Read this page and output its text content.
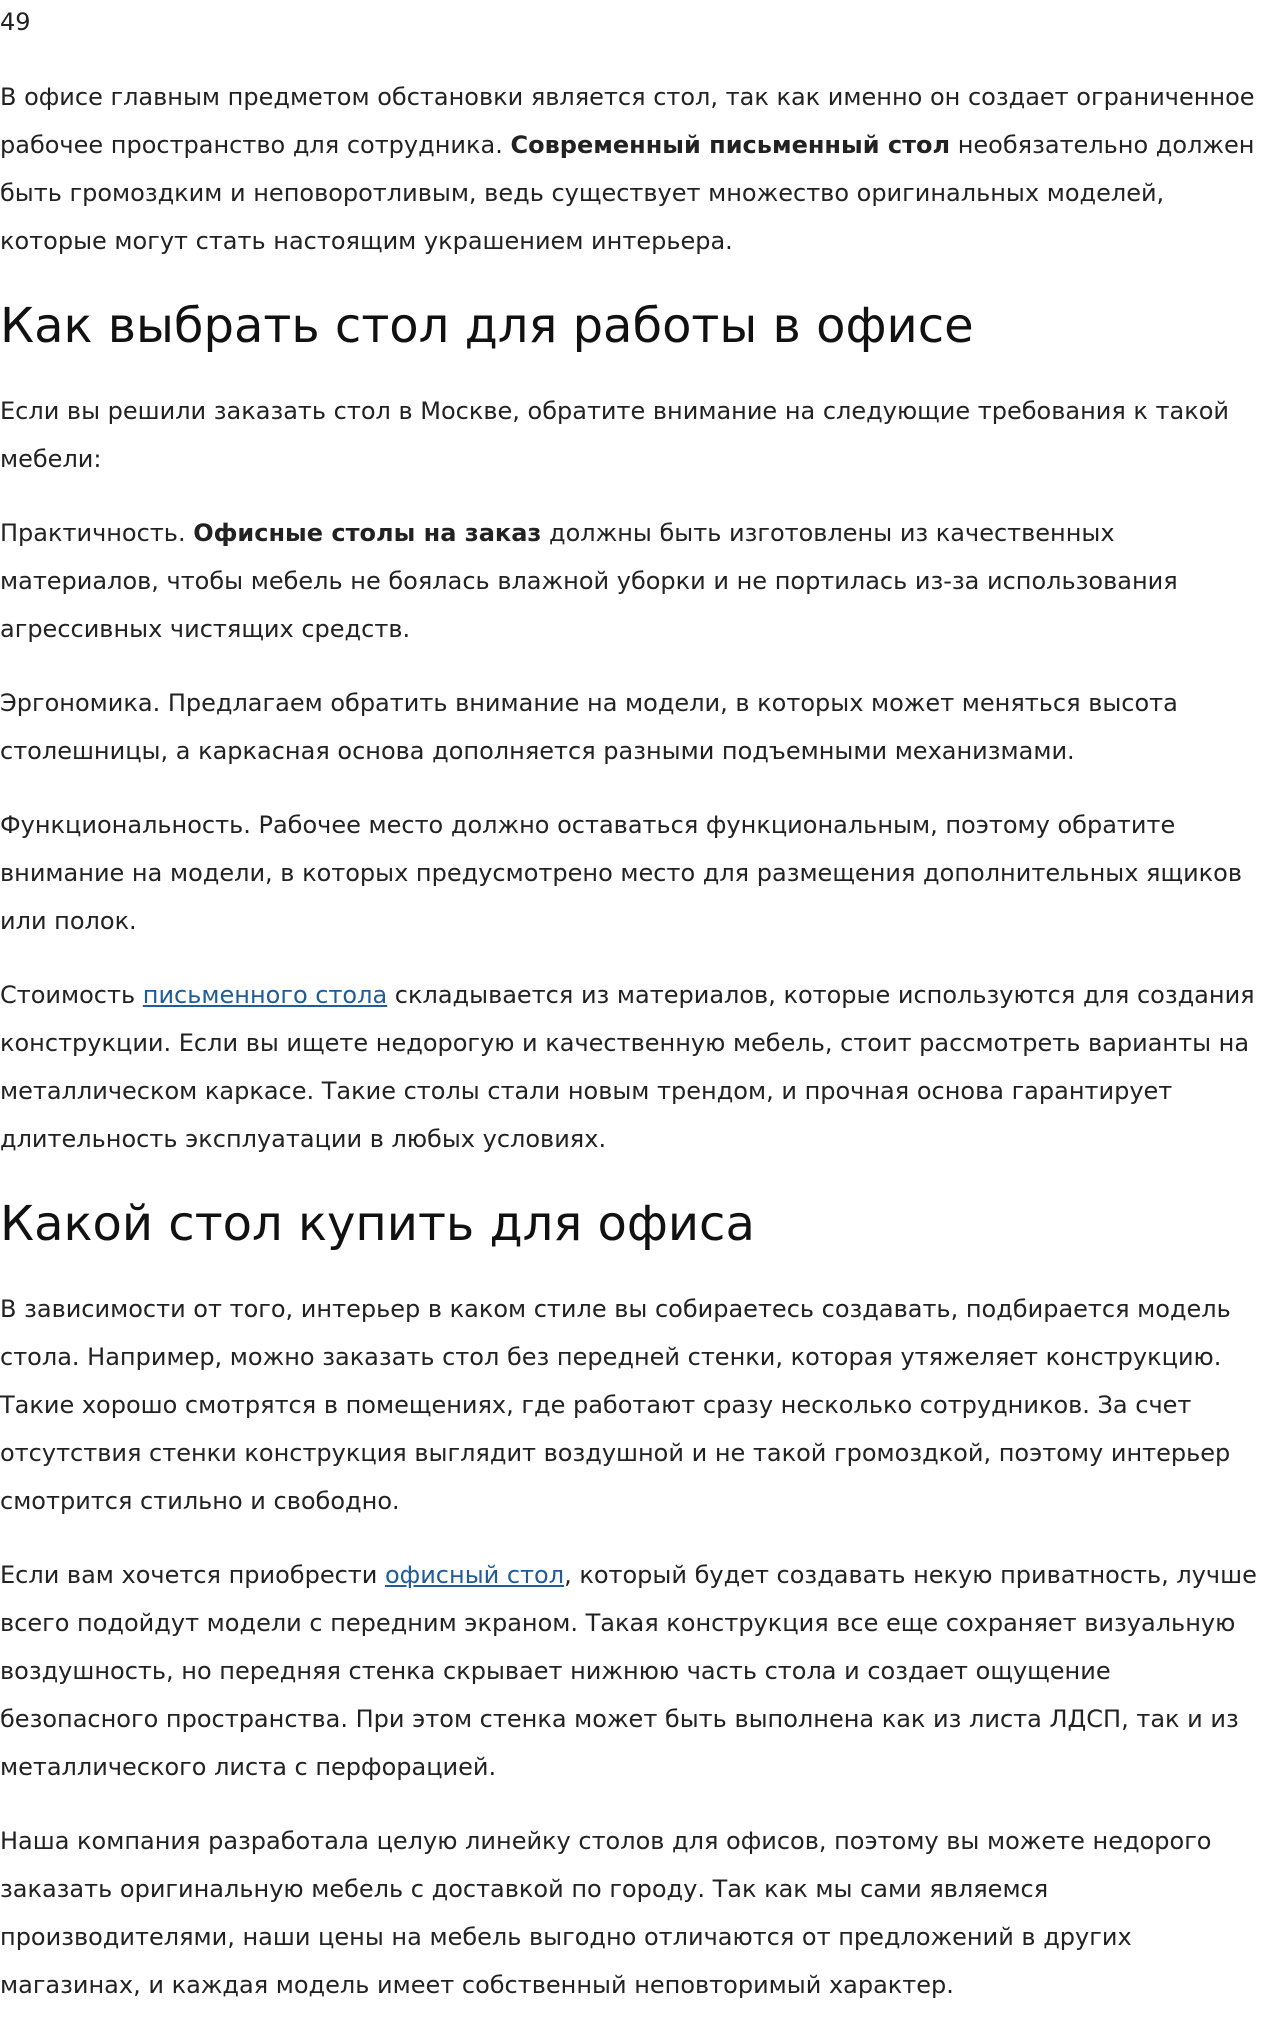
49

В офисе главным предметом обстановки является стол, так как именно он создает ограниченное рабочее пространство для сотрудника. Современный письменный стол необязательно должен быть громоздким и неповоротливым, ведь существует множество оригинальных моделей, которые могут стать настоящим украшением интерьера.

Как выбрать стол для работы в офисе

Если вы решили заказать стол в Москве, обратите внимание на следующие требования к такой мебели:

Практичность. Офисные столы на заказ должны быть изготовлены из качественных материалов, чтобы мебель не боялась влажной уборки и не портилась из-за использования агрессивных чистящих средств.

Эргономика. Предлагаем обратить внимание на модели, в которых может меняться высота столешницы, а каркасная основа дополняется разными подъемными механизмами.

Функциональность. Рабочее место должно оставаться функциональным, поэтому обратите внимание на модели, в которых предусмотрено место для размещения дополнительных ящиков или полок.

Стоимость письменного стола складывается из материалов, которые используются для создания конструкции. Если вы ищете недорогую и качественную мебель, стоит рассмотреть варианты на металлическом каркасе. Такие столы стали новым трендом, и прочная основа гарантирует длительность эксплуатации в любых условиях.

Какой стол купить для офиса

В зависимости от того, интерьер в каком стиле вы собираетесь создавать, подбирается модель стола. Например, можно заказать стол без передней стенки, которая утяжеляет конструкцию. Такие хорошо смотрятся в помещениях, где работают сразу несколько сотрудников. За счет отсутствия стенки конструкция выглядит воздушной и не такой громоздкой, поэтому интерьер смотрится стильно и свободно.

Если вам хочется приобрести офисный стол, который будет создавать некую приватность, лучше всего подойдут модели с передним экраном. Такая конструкция все еще сохраняет визуальную воздушность, но передняя стенка скрывает нижнюю часть стола и создает ощущение безопасного пространства. При этом стенка может быть выполнена как из листа ЛДСП, так и из металлического листа с перфорацией.

Наша компания разработала целую линейку столов для офисов, поэтому вы можете недорого заказать оригинальную мебель с доставкой по городу. Так как мы сами являемся производителями, наши цены на мебель выгодно отличаются от предложений в других магазинах, и каждая модель имеет собственный неповторимый характер.
